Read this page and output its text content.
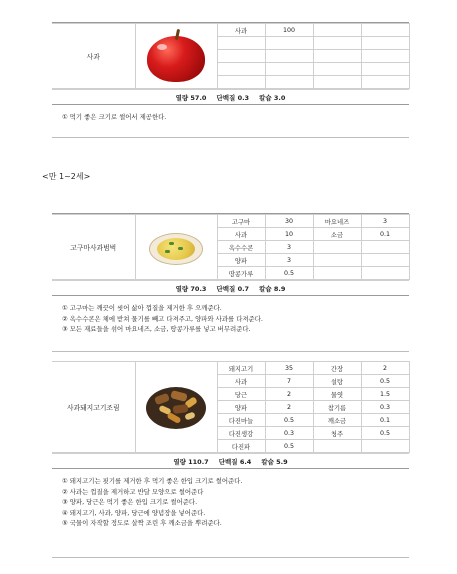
사과		사과	100		

열량 57.0 단백질 0.3 칼슘 3.0
① 먹기 좋은 크기로 썰어서 제공한다.
<만 1~2세>
고구마사과범벅		고구마	30	마요네즈	3
		사과	10	소금	0.1
		옥수수콘	3		
		양파	3		
		땅콩가루	0.5		
열량 70.3 단백질 0.7 칼슘 8.9
① 고구마는 깨끗이 씻어 삶아 껍질을 제거한 후 으깨준다.
② 옥수수콘은 체에 받쳐 물기를 빼고 다져주고, 양파와 사과를 다져준다.
③ 모든 재료들을 섞어 마요네즈, 소금, 땅콩가루를 넣고 버무려준다.
사과돼지고기조림		돼지고기	35	간장	2
		사과	7	설탕	0.5
		당근	2	물엿	1.5
		양파	2	참기름	0.3
		다진마늘	0.5	깨소금	0.1
		다진생강	0.3	청주	0.5
		다진파	0.5		
열량 110.7 단백질 6.4 칼슘 5.9
① 돼지고기는 핏기를 제거한 후 먹기 좋은 한입 크기로 썰어준다.
② 사과는 껍질을 제거하고 반달 모양으로 썰어준다
③ 양파, 당근은 먹기 좋은 한입 크기로 썰어준다.
④ 돼지고기, 사과, 양파, 당근에 양념장을 넣어준다.
⑤ 국물이 자작할 정도로 살짝 조린 후 깨소금을 뿌려준다.
